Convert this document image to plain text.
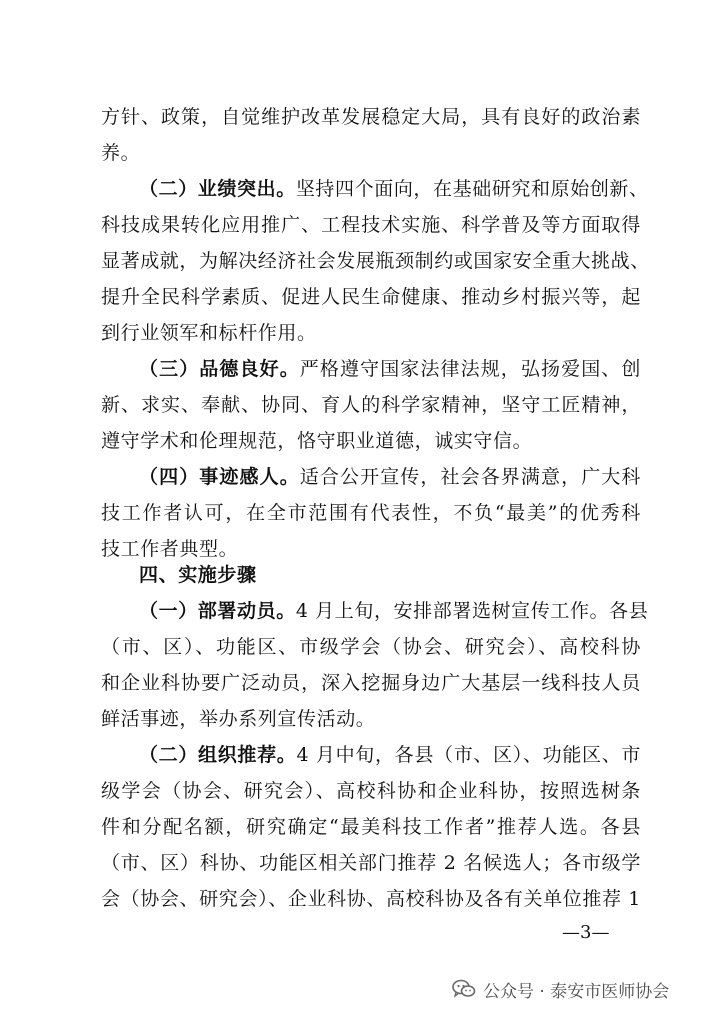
方针、政策，自觉维护改革发展稳定大局，具有良好的政治素
养。
（二）业绩突出。坚持四个面向，在基础研究和原始创新、
科技成果转化应用推广、工程技术实施、科学普及等方面取得
显著成就，为解决经济社会发展瓶颈制约或国家安全重大挑战、
提升全民科学素质、促进人民生命健康、推动乡村振兴等，起
到行业领军和标杆作用。
（三）品德良好。严格遵守国家法律法规，弘扬爱国、创
新、求实、奉献、协同、育人的科学家精神，坚守工匠精神，
遵守学术和伦理规范，恪守职业道德，诚实守信。
（四）事迹感人。适合公开宣传，社会各界满意，广大科
技工作者认可，在全市范围有代表性，不负“最美”的优秀科
技工作者典型。
（一）部署动员。4 月上旬，安排部署选树宣传工作。各县
（市、区）、功能区、市级学会（协会、研究会）、高校科协
和企业科协要广泛动员，深入挖掘身边广大基层一线科技人员
鲜活事迹，举办系列宣传活动。
（二）组织推荐。4 月中旬，各县（市、区）、功能区、市
级学会（协会、研究会）、高校科协和企业科协，按照选树条
件和分配名额，研究确定“最美科技工作者”推荐人选。各县
（市、区）科协、功能区相关部门推荐 2 名候选人；各市级学
会（协会、研究会）、企业科协、高校科协及各有关单位推荐 1
四、实施步骤
—3—
公众号 · 泰安市医师协会
